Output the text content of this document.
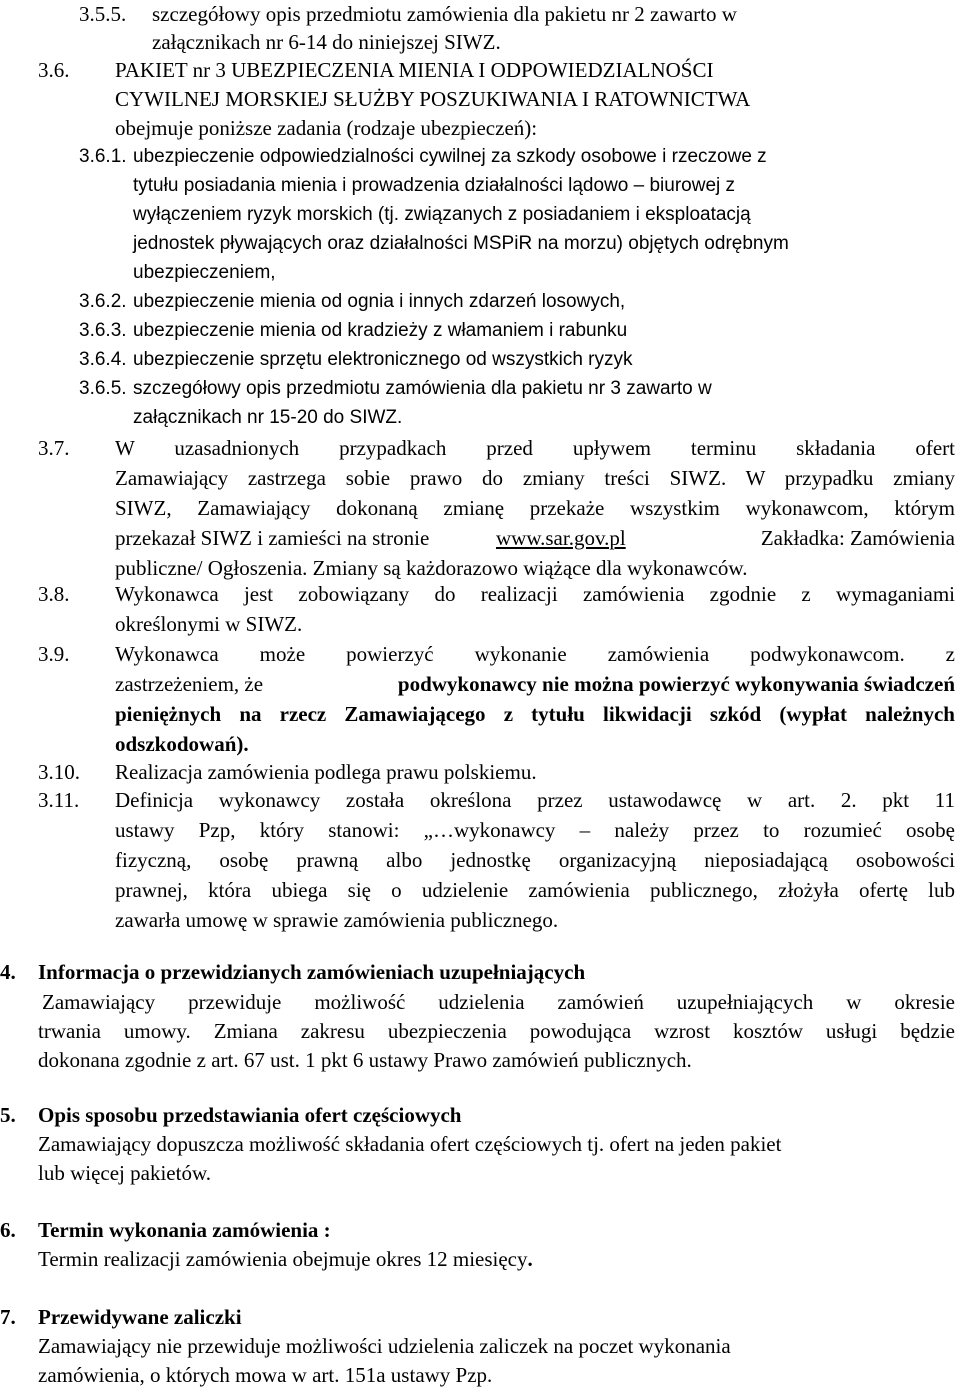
3.5.5. szczegółowy opis przedmiotu zamówienia dla pakietu nr 2 zawarto w
załącznikach nr 6-14 do niniejszej SIWZ.
3.6. PAKIET nr 3 UBEZPIECZENIA MIENIA I ODPOWIEDZIALNOŚCI
CYWILNEJ MORSKIEJ SŁUŻBY POSZUKIWANIA I RATOWNICTWA
obejmuje poniższe zadania (rodzaje ubezpieczeń):
3.6.1. ubezpieczenie odpowiedzialności cywilnej za szkody osobowe i rzeczowe z
tytułu posiadania mienia i prowadzenia działalności lądowo – biurowej z
wyłączeniem ryzyk morskich (tj. związanych z posiadaniem i eksploatacją
jednostek pływających oraz działalności MSPiR na morzu) objętych odrębnym
ubezpieczeniem,
3.6.2. ubezpieczenie mienia od ognia i innych zdarzeń losowych,
3.6.3. ubezpieczenie mienia od kradzieży z włamaniem i rabunku
3.6.4. ubezpieczenie sprzętu elektronicznego od wszystkich ryzyk
3.6.5. szczegółowy opis przedmiotu zamówienia dla pakietu nr 3 zawarto w
załącznikach nr 15-20 do SIWZ.
3.7. W uzasadnionych przypadkach przed upływem terminu składania ofert
Zamawiający zastrzega sobie prawo do zmiany treści SIWZ. W przypadku zmiany
SIWZ, Zamawiający dokonaną zmianę przekaże wszystkim wykonawcom, którym
przekazał SIWZ i zamieści na stronie	www.sar.gov.pl	Zakładka: Zamówienia
publiczne/ Ogłoszenia. Zmiany są każdorazowo wiążące dla wykonawców.
3.8. Wykonawca jest zobowiązany do realizacji zamówienia zgodnie z wymaganiami
określonymi w SIWZ.
3.9. Wykonawca może powierzyć wykonanie zamówienia podwykonawcom. z
zastrzeżeniem, że	podwykonawcy nie można powierzyć wykonywania świadczeń
pieniężnych na rzecz Zamawiającego z tytułu likwidacji szkód (wypłat należnych
odszkodowań).
3.10. Realizacja zamówienia podlega prawu polskiemu.
3.11. Definicja wykonawcy została określona przez ustawodawcę w art. 2. pkt 11
ustawy Pzp, który stanowi: „…wykonawcy – należy przez to rozumieć osobę
fizyczną, osobę prawną albo jednostkę organizacyjną nieposiadającą osobowości
prawnej, która ubiega się o udzielenie zamówienia publicznego, złożyła ofertę lub
zawarła umowę w sprawie zamówienia publicznego.
4. Informacja o przewidzianych zamówieniach uzupełniających
Zamawiający przewiduje możliwość udzielenia zamówień uzupełniających w okresie
trwania umowy. Zmiana zakresu ubezpieczenia powodująca wzrost kosztów usługi będzie
dokonana zgodnie z art. 67 ust. 1 pkt 6 ustawy Prawo zamówień publicznych.
5. Opis sposobu przedstawiania ofert częściowych
Zamawiający dopuszcza możliwość składania ofert częściowych tj. ofert na jeden pakiet
lub więcej pakietów.
6. Termin wykonania zamówienia :
Termin realizacji zamówienia obejmuje okres 12 miesięcy.
7. Przewidywane zaliczki
Zamawiający nie przewiduje możliwości udzielenia zaliczek na poczet wykonania
zamówienia, o których mowa w art. 151a ustawy Pzp.
